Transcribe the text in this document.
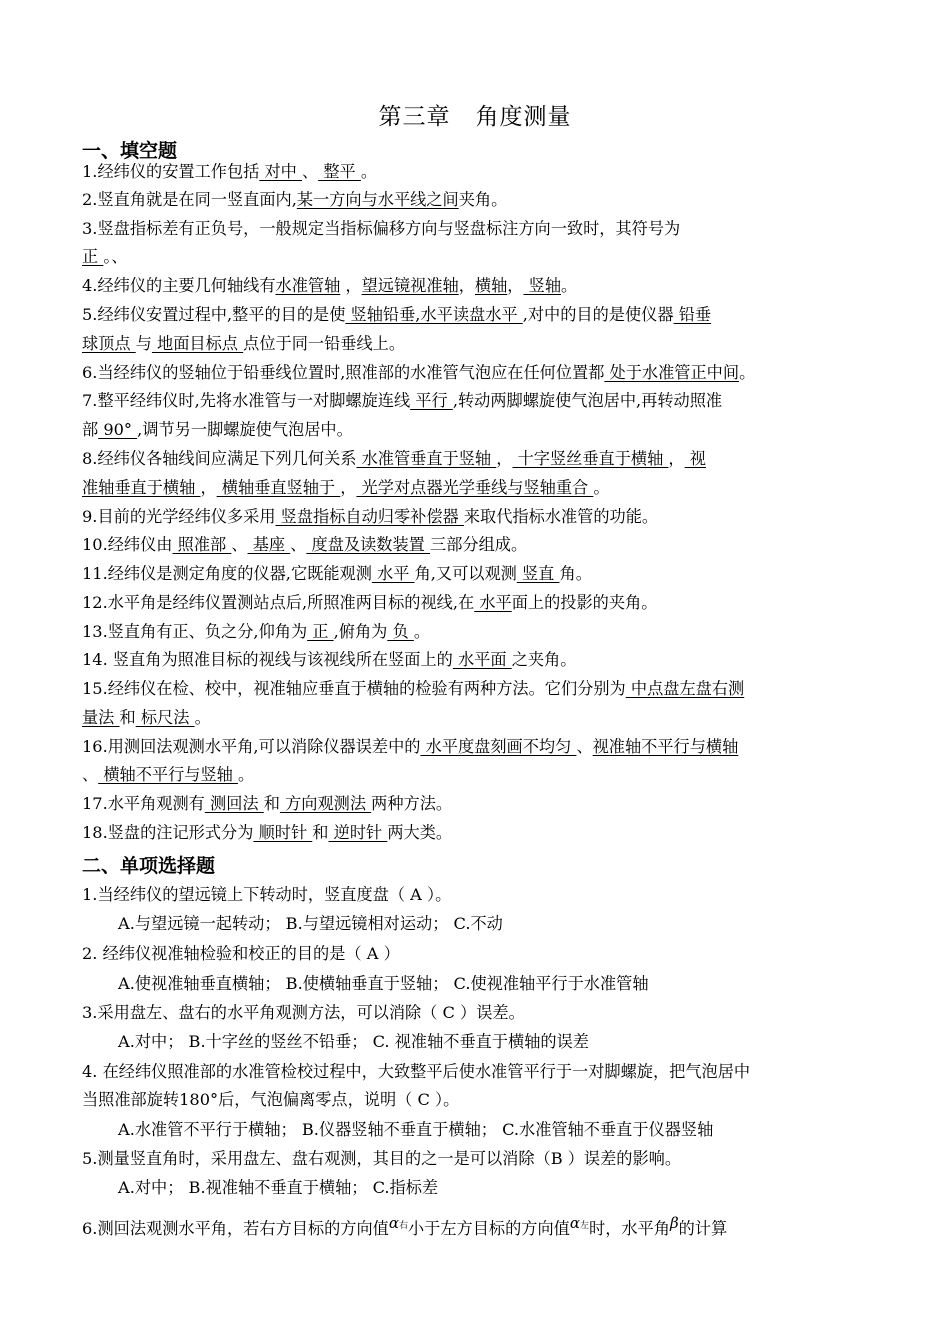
第三章   角度测量
一、填空题
1.经纬仪的安置工作包括 对中 、 整平 。
2.竖直角就是在同一竖直面内,某一方向与水平线之间夹角。
3.竖盘指标差有正负号，一般规定当指标偏移方向与竖盘标注方向一致时，其符号为
正 。、
4.经纬仪的主要几何轴线有水准管轴 ，望远镜视准轴，横轴， 竖轴。
5.经纬仪安置过程中,整平的目的是使 竖轴铅垂,水平读盘水平 ,对中的目的是使仪器 铅垂
球顶点 与 地面目标点 点位于同一铅垂线上。
6.当经纬仪的竖轴位于铅垂线位置时,照准部的水准管气泡应在任何位置都 处于水准管正中间。
7.整平经纬仪时,先将水准管与一对脚螺旋连线 平行 ,转动两脚螺旋使气泡居中,再转动照准
部 90° ,调节另一脚螺旋使气泡居中。
8.经纬仪各轴线间应满足下列几何关系 水准管垂直于竖轴 ， 十字竖丝垂直于横轴 ， 视
准轴垂直于横轴 ， 横轴垂直竖轴于 ， 光学对点器光学垂线与竖轴重合 。
9.目前的光学经纬仪多采用 竖盘指标自动归零补偿器 来取代指标水准管的功能。
10.经纬仪由 照准部 、 基座 、 度盘及读数装置 三部分组成。
11.经纬仪是测定角度的仪器,它既能观测 水平 角,又可以观测 竖直 角。
12.水平角是经纬仪置测站点后,所照准两目标的视线,在 水平面上的投影的夹角。
13.竖直角有正、负之分,仰角为 正 ,俯角为 负 。
14. 竖直角为照准目标的视线与该视线所在竖面上的 水平面 之夹角。
15.经纬仪在检、校中，视准轴应垂直于横轴的检验有两种方法。它们分别为 中点盘左盘右测
量法 和 标尺法 。
16.用测回法观测水平角,可以消除仪器误差中的 水平度盘刻画不均匀 、视准轴不平行与横轴
、 横轴不平行与竖轴 。
17.水平角观测有 测回法 和 方向观测法 两种方法。
18.竖盘的注记形式分为 顺时针 和 逆时针 两大类。
二、单项选择题
1.当经纬仪的望远镜上下转动时，竖直度盘（ A ）。
A.与望远镜一起转动； B.与望远镜相对运动； C.不动
2. 经纬仪视准轴检验和校正的目的是（ A ）
A.使视准轴垂直横轴； B.使横轴垂直于竖轴； C.使视准轴平行于水准管轴
3.采用盘左、盘右的水平角观测方法，可以消除（ C ）误差。
A.对中； B.十字丝的竖丝不铅垂； C. 视准轴不垂直于横轴的误差
4. 在经纬仪照准部的水准管检校过程中，大致整平后使水准管平行于一对脚螺旋，把气泡居中
当照准部旋转180°后，气泡偏离零点，说明（ C ）。
A.水准管不平行于横轴； B.仪器竖轴不垂直于横轴； C.水准管轴不垂直于仪器竖轴
5.测量竖直角时，采用盘左、盘右观测，其目的之一是可以消除（B ）误差的影响。
A.对中； B.视准轴不垂直于横轴； C.指标差
6.测回法观测水平角，若右方目标的方向值α右小于左方目标的方向值α左时，水平角β的计算
